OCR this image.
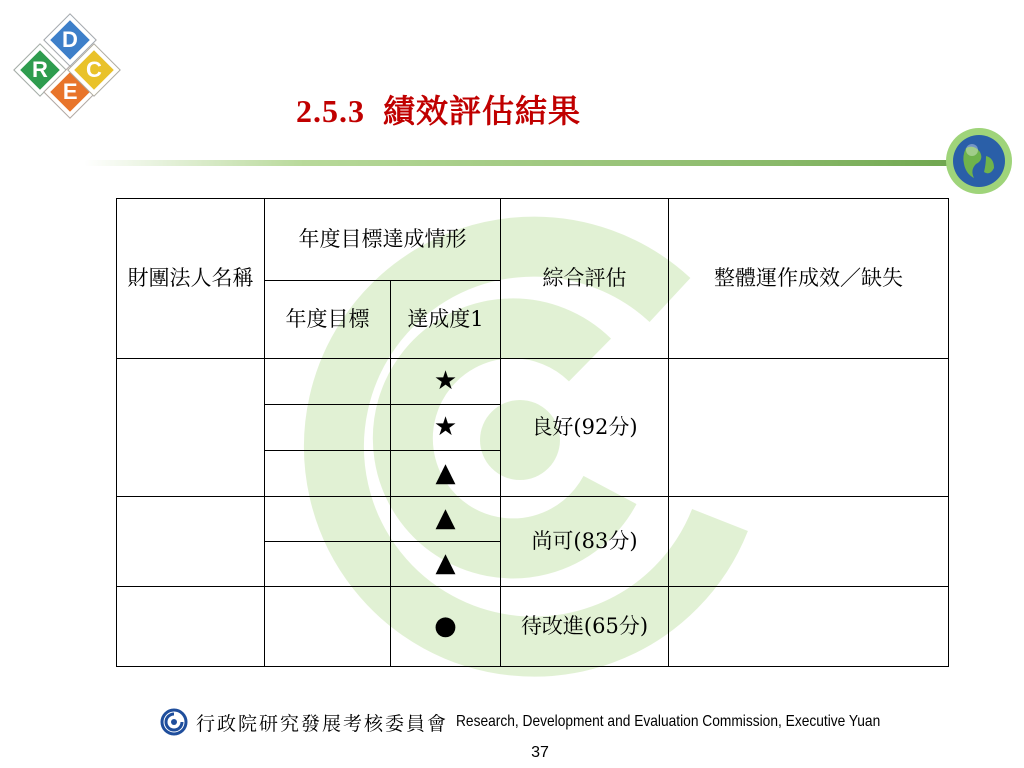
R
D
E
C
2.5.3 績效評估結果
財團法人名稱	年度目標達成情形		綜合評估	整體運作成效／缺失
	年度目標	達成度1		
		★	良好(92分)	
		★		
		▲		
		▲	尚可(83分)	
		▲		
		●	待改進(65分)	
行政院研究發展考核委員會 Research, Development and Evaluation Commission, Executive Yuan
37
